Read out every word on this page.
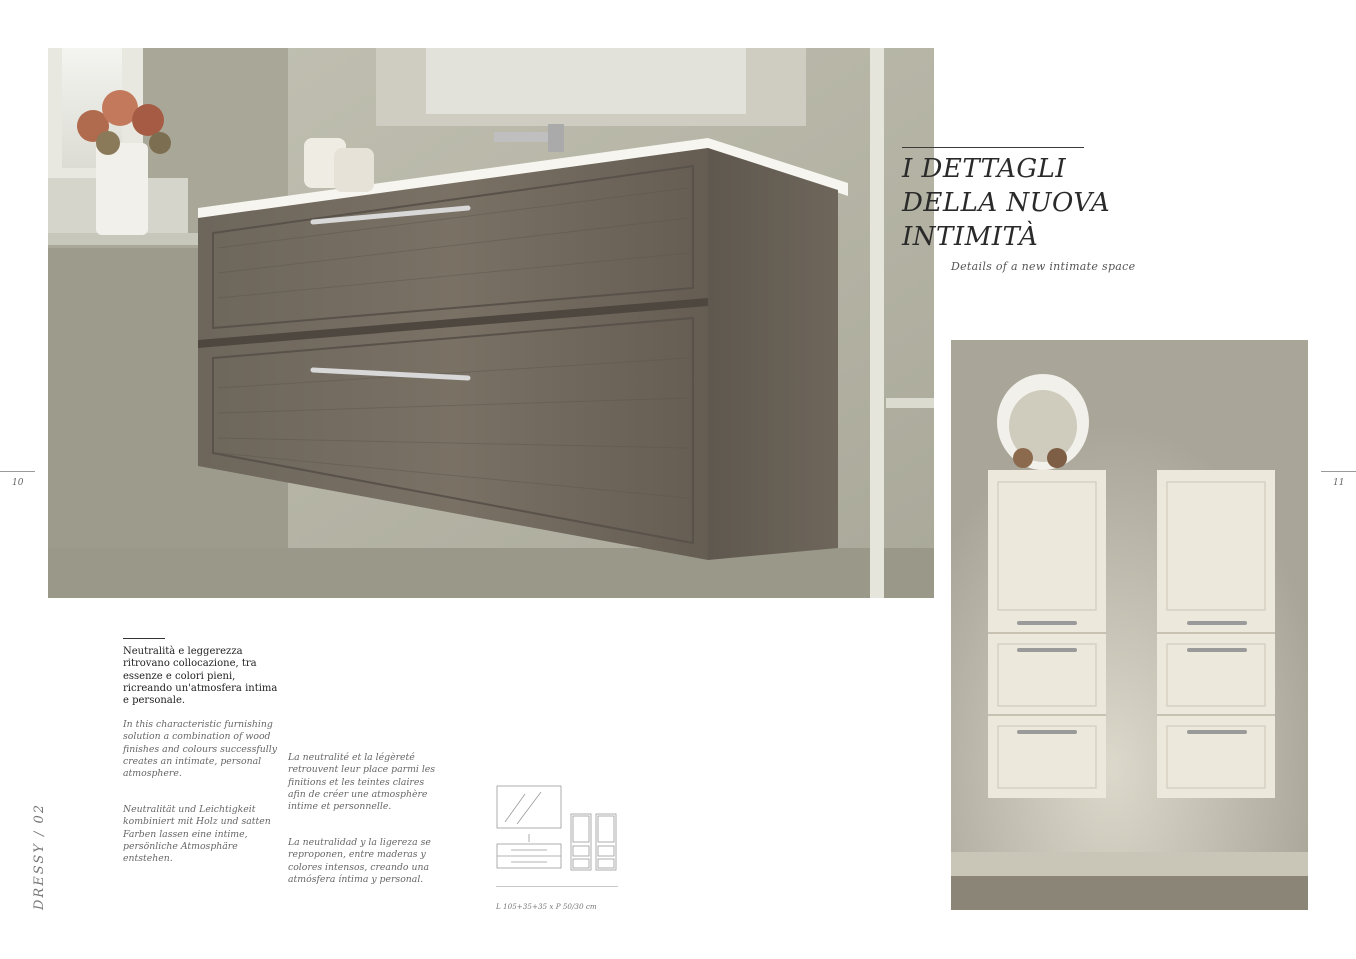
I DETTAGLI
DELLA NUOVA
INTIMITÀ
Details of a new intimate space
10	11
DRESSY / 02

Neutralità e leggerezza ritrovano collocazione, tra essenze e colori pieni, ricreando un'atmosfera intima e personale.

In this characteristic furnishing solution a combination of wood finishes and colours successfully creates an intimate, personal atmosphere.

Neutralität und Leichtigkeit kombiniert mit Holz und satten Farben lassen eine intime, persönliche Atmosphäre entstehen.

La neutralité et la légèreté retrouvent leur place parmi les finitions et les teintes claires afin de créer une atmosphère intime et personnelle.

La neutralidad y la ligereza se reproponen, entre maderas y colores intensos, creando una atmósfera íntima y personal.

L 105+35+35 x P 50/30 cm
